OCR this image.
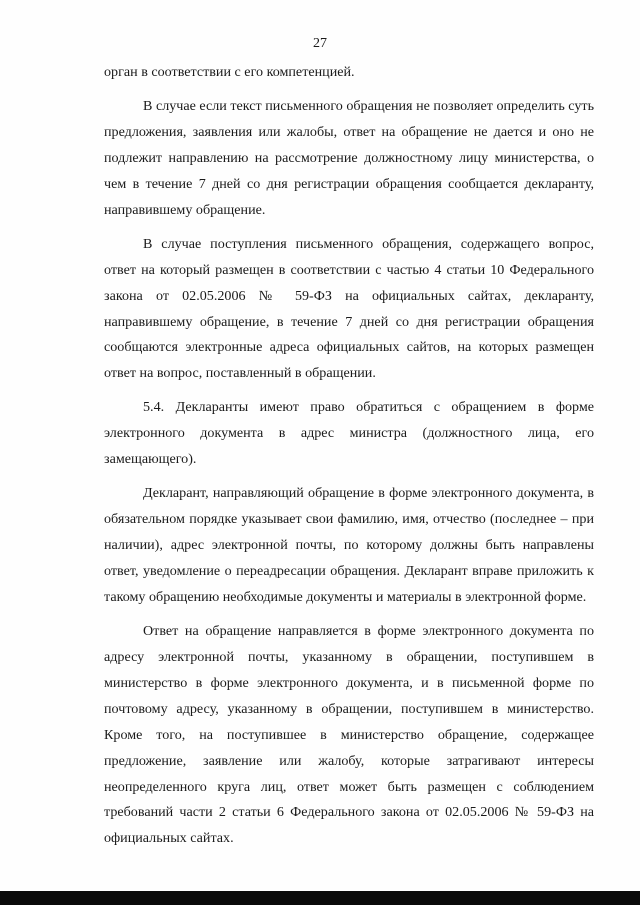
27

орган в соответствии с его компетенцией.

В случае если текст письменного обращения не позволяет определить суть предложения, заявления или жалобы, ответ на обращение не дается и оно не подлежит направлению на рассмотрение должностному лицу министерства, о чем в течение 7 дней со дня регистрации обращения сообщается декларанту, направившему обращение.

В случае поступления письменного обращения, содержащего вопрос, ответ на который размещен в соответствии с частью 4 статьи 10 Федерального закона от 02.05.2006 № 59-ФЗ на официальных сайтах, декларанту, направившему обращение, в течение 7 дней со дня регистрации обращения сообщаются электронные адреса официальных сайтов, на которых размещен ответ на вопрос, поставленный в обращении.

5.4. Декларанты имеют право обратиться с обращением в форме электронного документа в адрес министра (должностного лица, его замещающего).

Декларант, направляющий обращение в форме электронного документа, в обязательном порядке указывает свои фамилию, имя, отчество (последнее – при наличии), адрес электронной почты, по которому должны быть направлены ответ, уведомление о переадресации обращения. Декларант вправе приложить к такому обращению необходимые документы и материалы в электронной форме.

Ответ на обращение направляется в форме электронного документа по адресу электронной почты, указанному в обращении, поступившем в министерство в форме электронного документа, и в письменной форме по почтовому адресу, указанному в обращении, поступившем в министерство. Кроме того, на поступившее в министерство обращение, содержащее предложение, заявление или жалобу, которые затрагивают интересы неопределенного круга лиц, ответ может быть размещен с соблюдением требований части 2 статьи 6 Федерального закона от 02.05.2006 № 59-ФЗ на официальных сайтах.
